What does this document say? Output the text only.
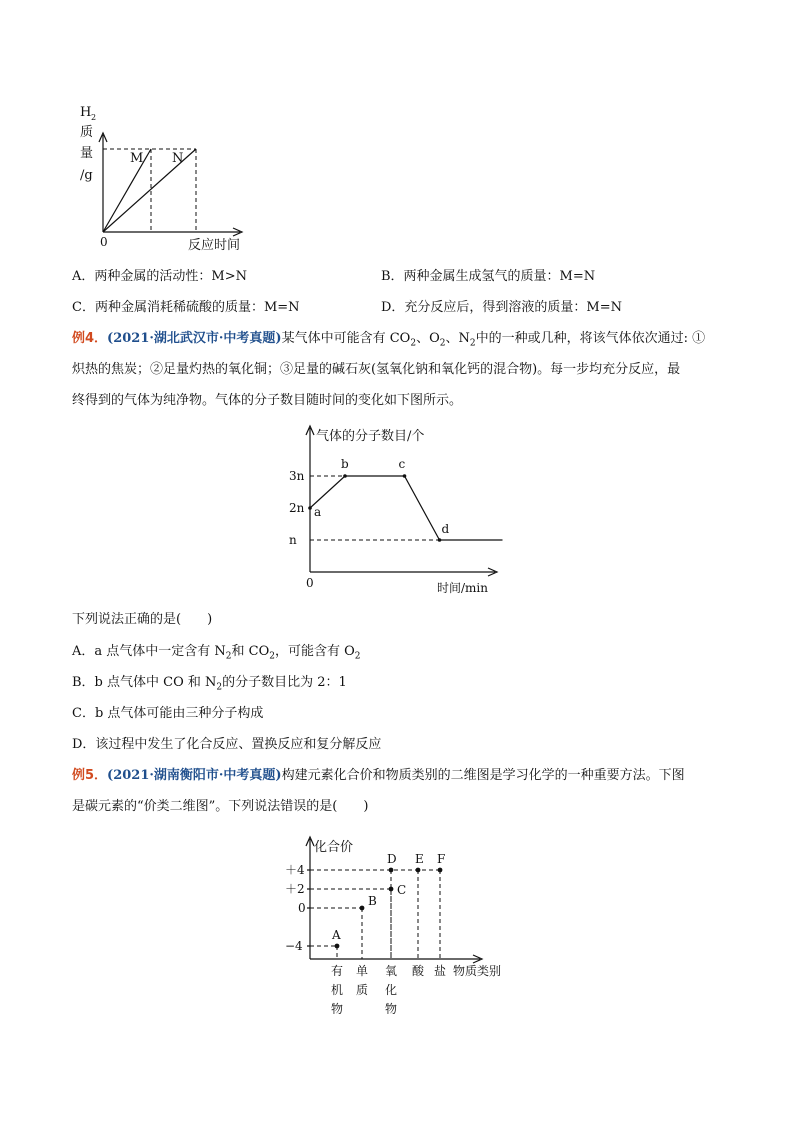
H 2
质
量
/g
M N
0	反应时间
A．两种金属的活动性：M>N	B．两种金属生成氢气的质量：M=N
C．两种金属消耗稀硫酸的质量：M=N	D．充分反应后，得到溶液的质量：M=N
例4．(2021·湖北武汉市·中考真题)某气体中可能含有 $CO_2$、$O_2$、$N_2$中的一种或几种，将该气体依次通过: ①
炽热的焦炭；②足量灼热的氧化铜；③足量的碱石灰(氢氧化钠和氧化钙的混合物)。每一步均充分反应，最
终得到的气体为纯净物。气体的分子数目随时间的变化如下图所示。
气体的分子数目/个
0	时间/min
n
2n
3n
a
b	c
d
下列说法正确的是(　　)
A．a 点气体中一定含有 $N_2$和 $CO_2$，可能含有 $O_2$
B．b 点气体中 CO 和 $N_2$的分子数目比为 2：1
C．b 点气体可能由三种分子构成
D．该过程中发生了化合反应、置换反应和复分解反应
例5．(2021·湖南衡阳市·中考真题)构建元素化合价和物质类别的二维图是学习化学的一种重要方法。下图
是碳元素的“价类二维图”。下列说法错误的是(　　)
化合价
物质类别
＋4
＋2
0
−4
有
机
物
单
质
氧
化
物
酸 盐
A
B
C
D E F
